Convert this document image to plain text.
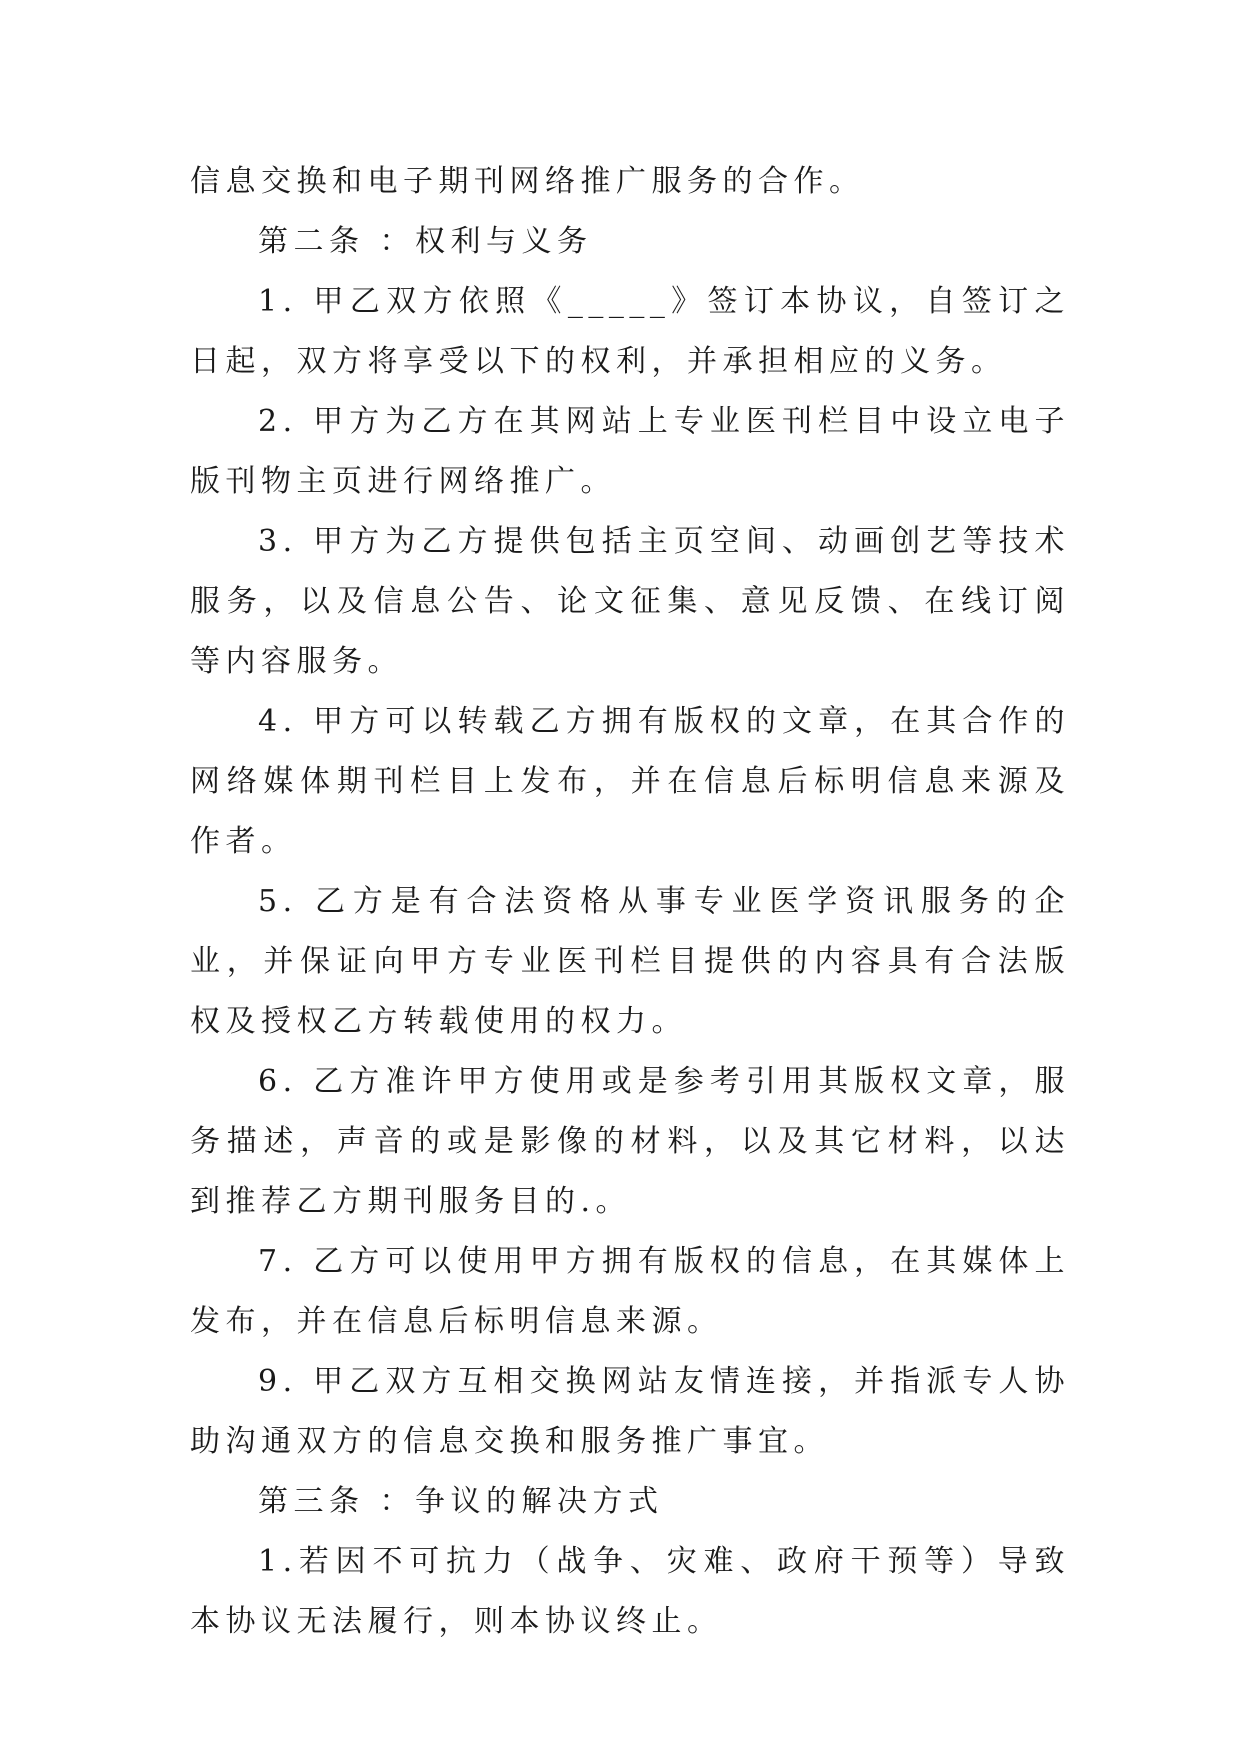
信息交换和电子期刊网络推广服务的合作。

第二条 ：权利与义务

1. 甲乙双方依照《_____》签订本协议，自签订之日起，双方将享受以下的权利，并承担相应的义务。

2. 甲方为乙方在其网站上专业医刊栏目中设立电子版刊物主页进行网络推广。

3. 甲方为乙方提供包括主页空间、动画创艺等技术服务，以及信息公告、论文征集、意见反馈、在线订阅等内容服务。

4. 甲方可以转载乙方拥有版权的文章，在其合作的网络媒体期刊栏目上发布，并在信息后标明信息来源及作者。

5. 乙方是有合法资格从事专业医学资讯服务的企业，并保证向甲方专业医刊栏目提供的内容具有合法版权及授权乙方转载使用的权力。

6. 乙方准许甲方使用或是参考引用其版权文章，服务描述，声音的或是影像的材料，以及其它材料，以达到推荐乙方期刊服务目的.。

7. 乙方可以使用甲方拥有版权的信息，在其媒体上发布，并在信息后标明信息来源。

9. 甲乙双方互相交换网站友情连接，并指派专人协助沟通双方的信息交换和服务推广事宜。

第三条 ：争议的解决方式

1.若因不可抗力（战争、灾难、政府干预等）导致本协议无法履行，则本协议终止。
